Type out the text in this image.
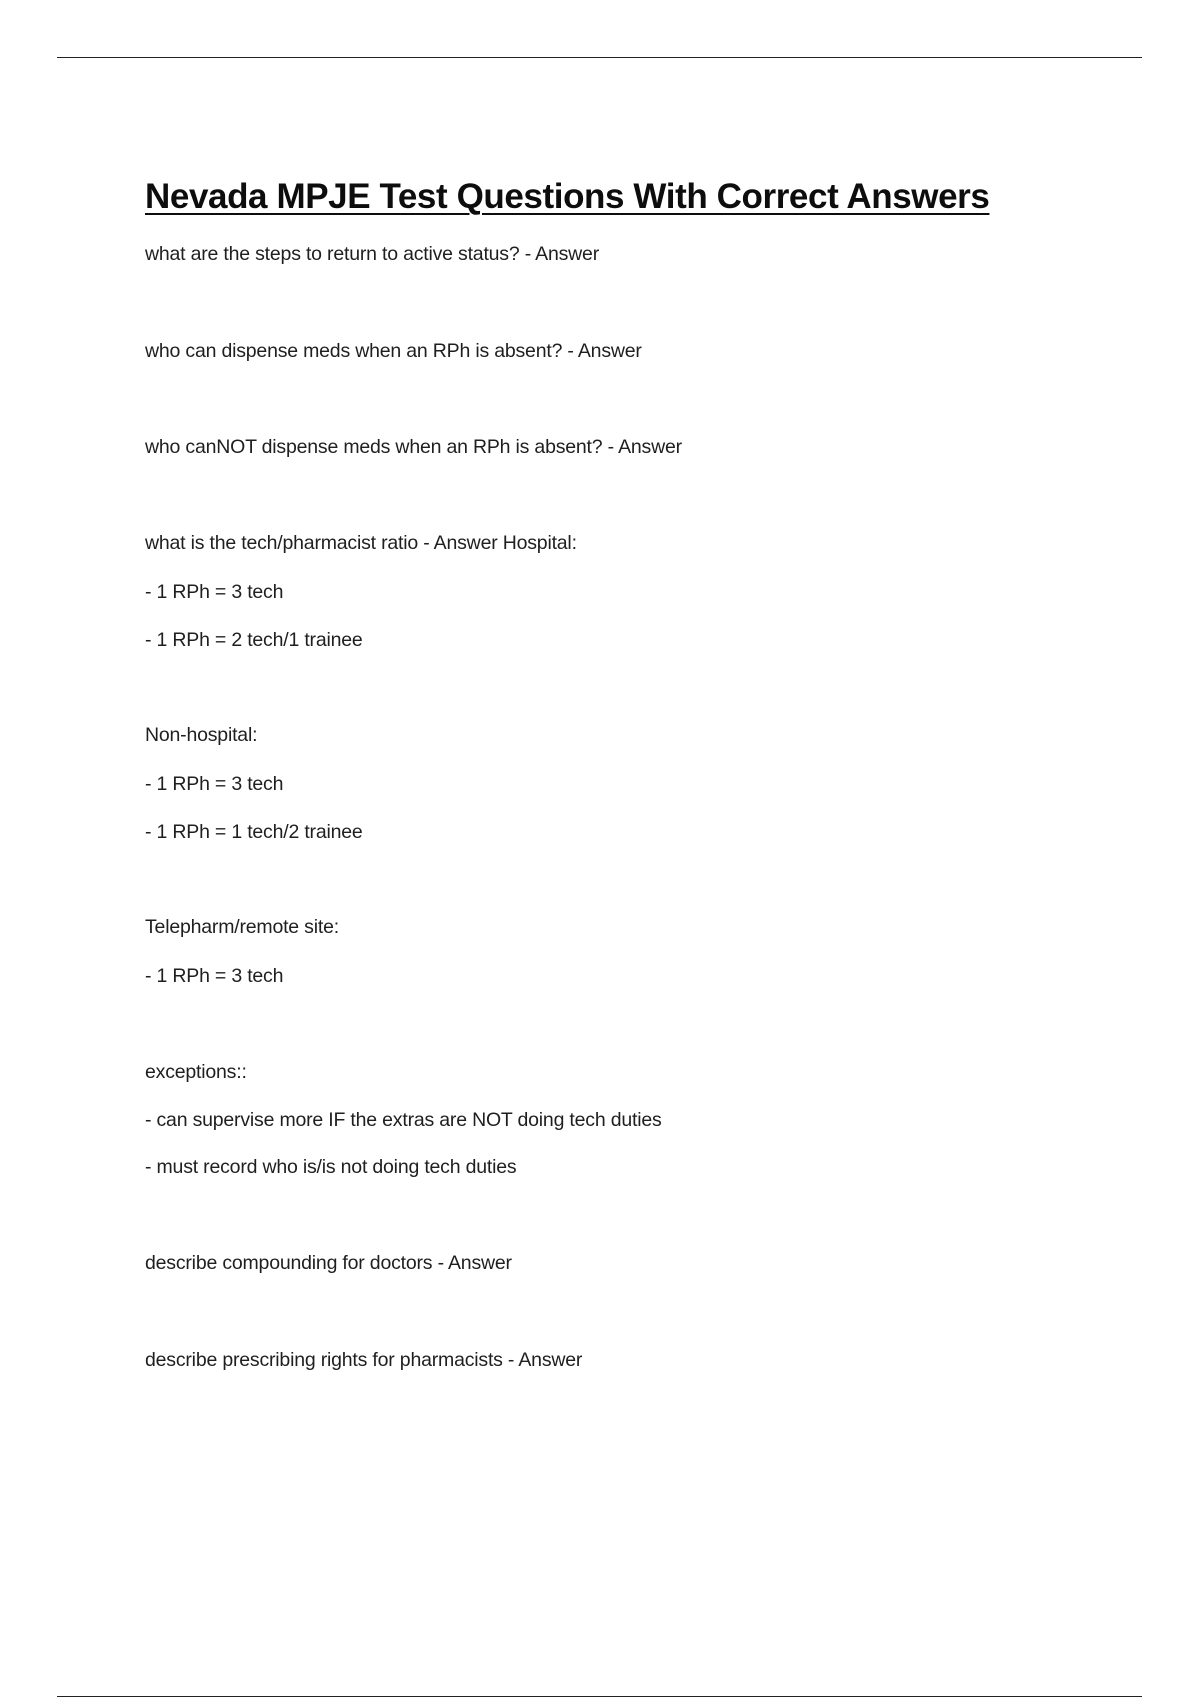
Nevada MPJE Test Questions With Correct Answers

what are the steps to return to active status? - Answer

who can dispense meds when an RPh is absent? - Answer

who canNOT dispense meds when an RPh is absent? - Answer

what is the tech/pharmacist ratio - Answer Hospital:

- 1 RPh = 3 tech

- 1 RPh = 2 tech/1 trainee

Non-hospital:

- 1 RPh = 3 tech

- 1 RPh = 1 tech/2 trainee

Telepharm/remote site:

- 1 RPh = 3 tech

exceptions::

- can supervise more IF the extras are NOT doing tech duties

- must record who is/is not doing tech duties

describe compounding for doctors - Answer

describe prescribing rights for pharmacists - Answer
